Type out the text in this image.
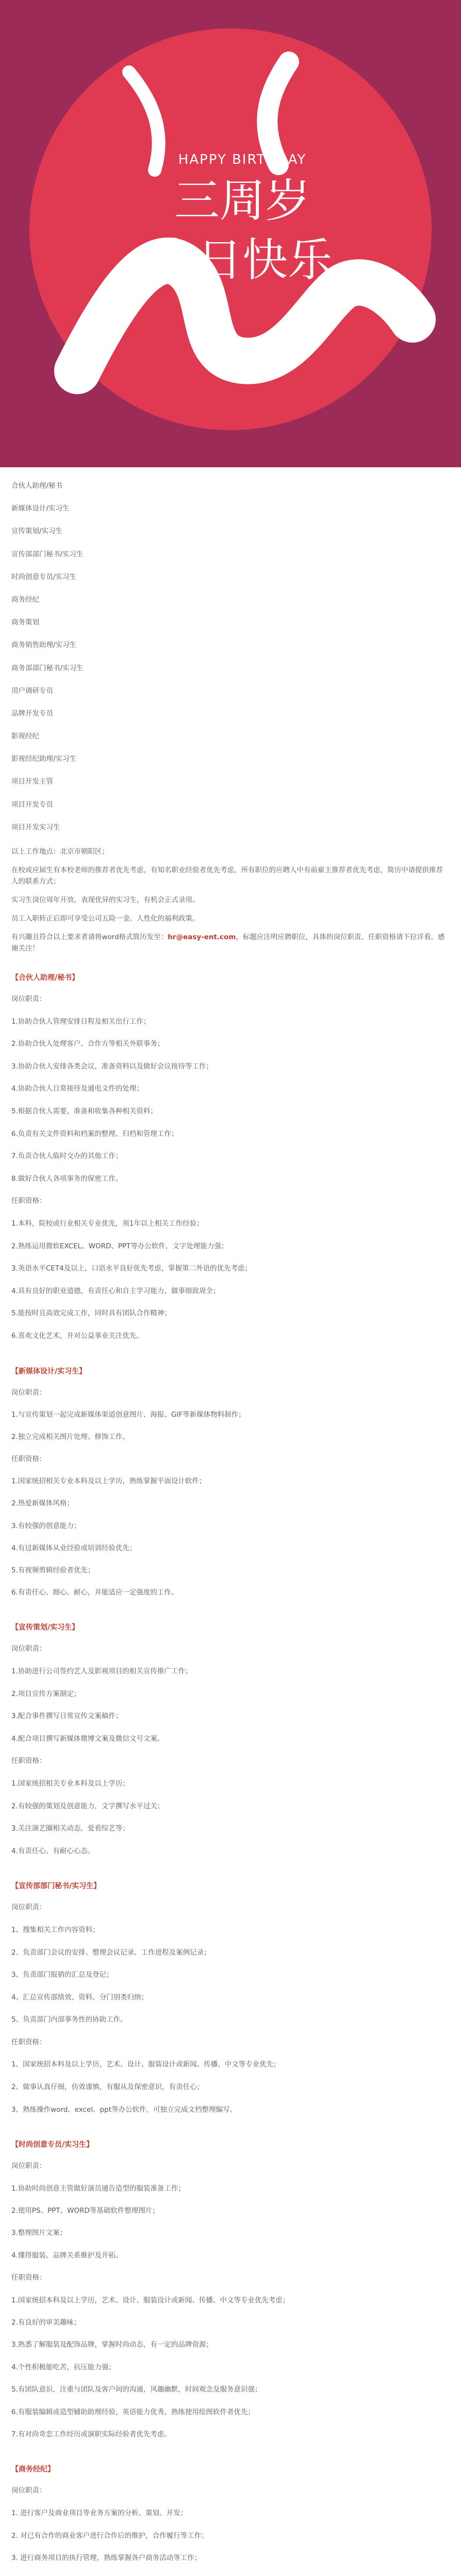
HAPPY BIRTHDAY
三周岁
生日快乐
合伙人助理/秘书
新媒体设计/实习生
宣传策划/实习生
宣传部部门秘书/实习生
时尚创意专员/实习生
商务经纪
商务策划
商务销售助理/实习生
商务部部门秘书/实习生
用户调研专员
品牌开发专员
影视经纪
影视经纪助理/实习生
项目开发主管
项目开发专员
项目开发实习生
以上工作地点：北京市朝阳区；
在校或应届生有本校老师的推荐者优先考虑，有知名职业经验者优先考虑，所有职位的应聘人中有前雇主推荐者优先考虑，简历中请提供推荐人的联系方式；
实习生岗位周年开放，表现优异的实习生，有机会正式录用。
员工入职转正后即可享受公司五险一金、人性化的福利政策。
有兴趣且符合以上要求者请将word格式简历发至：hr@easy-ent.com，标题应注明应聘职位，具体的岗位职责、任职资格请下拉详看。感谢关注！
【合伙人助理/秘书】
岗位职责：
1.协助合伙人管理安排日程及相关出行工作；
2.协助合伙人处理客户、合作方等相关外联事务；
3.协助合伙人安排各类会议，准备资料以及做好会议接待等工作；
4.协助合伙人日常接待及通电文件的处理；
5.根据合伙人需要，准备和收集各种相关资料；
6.负责有关文件资料和档案的整理、归档和管理工作；
7.负责合伙人临时交办的其他工作；
8.做好合伙人各项事务的保密工作。
任职资格：
1.本科，院校或行业相关专业优先，须1年以上相关工作经验；
2.熟练运用微软EXCEL、WORD、PPT等办公软件，文字处理能力强；
3.英语水平CET4及以上，口语水平良好优先考虑，掌握第二外语的优先考虑；
4.具有良好的职业道德，有责任心和自主学习能力，做事细致周全；
5.能按时且高效完成工作，同时具有团队合作精神；
6.喜欢文化艺术，并对公益事业关注优先。
【新媒体设计/实习生】
岗位职责：
1.与宣传策划一起完成新媒体渠道创意图片、海报、GIF等新媒体物料制作；
2.独立完成相关图片处理、修饰工作。
任职资格：
1.国家统招相关专业本科及以上学历，熟练掌握平面设计软件；
2.热爱新媒体风格；
3.有较强的创意能力；
4.有过新媒体从业经验或培训经验优先；
5.有视频剪辑经验者优先；
6.有责任心、细心、耐心，并能适应一定强度的工作。
【宣传策划/实习生】
岗位职责：
1.协助进行公司签约艺人及影视项目的相关宣传推广工作；
2.项目宣传方案制定；
3.配合事件撰写日常宣传文案稿件；
4.配合项目撰写新媒体微博文案及微信文号文案。
任职资格：
1.国家统招相关专业本科及以上学历；
2.有较强的策划及创意能力，文字撰写水平过关；
3.关注演艺圈相关动态，爱看综艺等；
4.有责任心、有耐心心态。
【宣传部部门秘书/实习生】
岗位职责：
1、搜集相关工作内容资料；
2、负责部门会议的安排、整理会议记录、工作进程及案例记录；
3、负责部门报销的汇总及登记；
4、汇总宣传部绩效、资料、分门别类归纳；
5、负责部门内部事务性的协助工作。
任职资格：
1、国家统招本科及以上学历，艺术、设计、服装设计或新闻、传播、中文等专业优先；
2、做事认真仔细，仿效谨慎，有服从及保密意识，有责任心；
3、熟练操作word、excel、ppt等办公软件，可独立完成文档整理编写。
【时尚创意专员/实习生】
岗位职责：
1.协助时尚创意主管做好演员通告造型的服装准备工作；
2.使用PS、PPT、WORD等基础软件整理图片；
3.整理图片文案；
4.懂得服装、品牌关系维护及开拓。
任职资格：
1.国家统招本科及以上学历，艺术、设计、服装设计或新闻、传播、中文等专业优先考虑；
2.有良好的审美趣味；
3.熟悉了解服装及配饰品牌，掌握时尚动态，有一定的品牌资源；
4.个性积极能吃苦，抗压能力强；
5.有团队意识，注重与团队及客户间的沟通，风趣幽默，时间观念及服务意识强；
6.有服装编辑或造型辅助助理经验，英语能力优秀，熟练使用绘图软件者优先；
7.有对尚奇恋工作经历或演职实际经验者优先考虑。
【商务经纪】
岗位职责：
1. 进行客户及商业项目等业务方案的分析、策划、开发；
2. 对已有合作的商业客户进行合作后的维护，合作履行等工作；
3. 进行商务项目的执行管理，熟练掌握各户商务活动等工作；
